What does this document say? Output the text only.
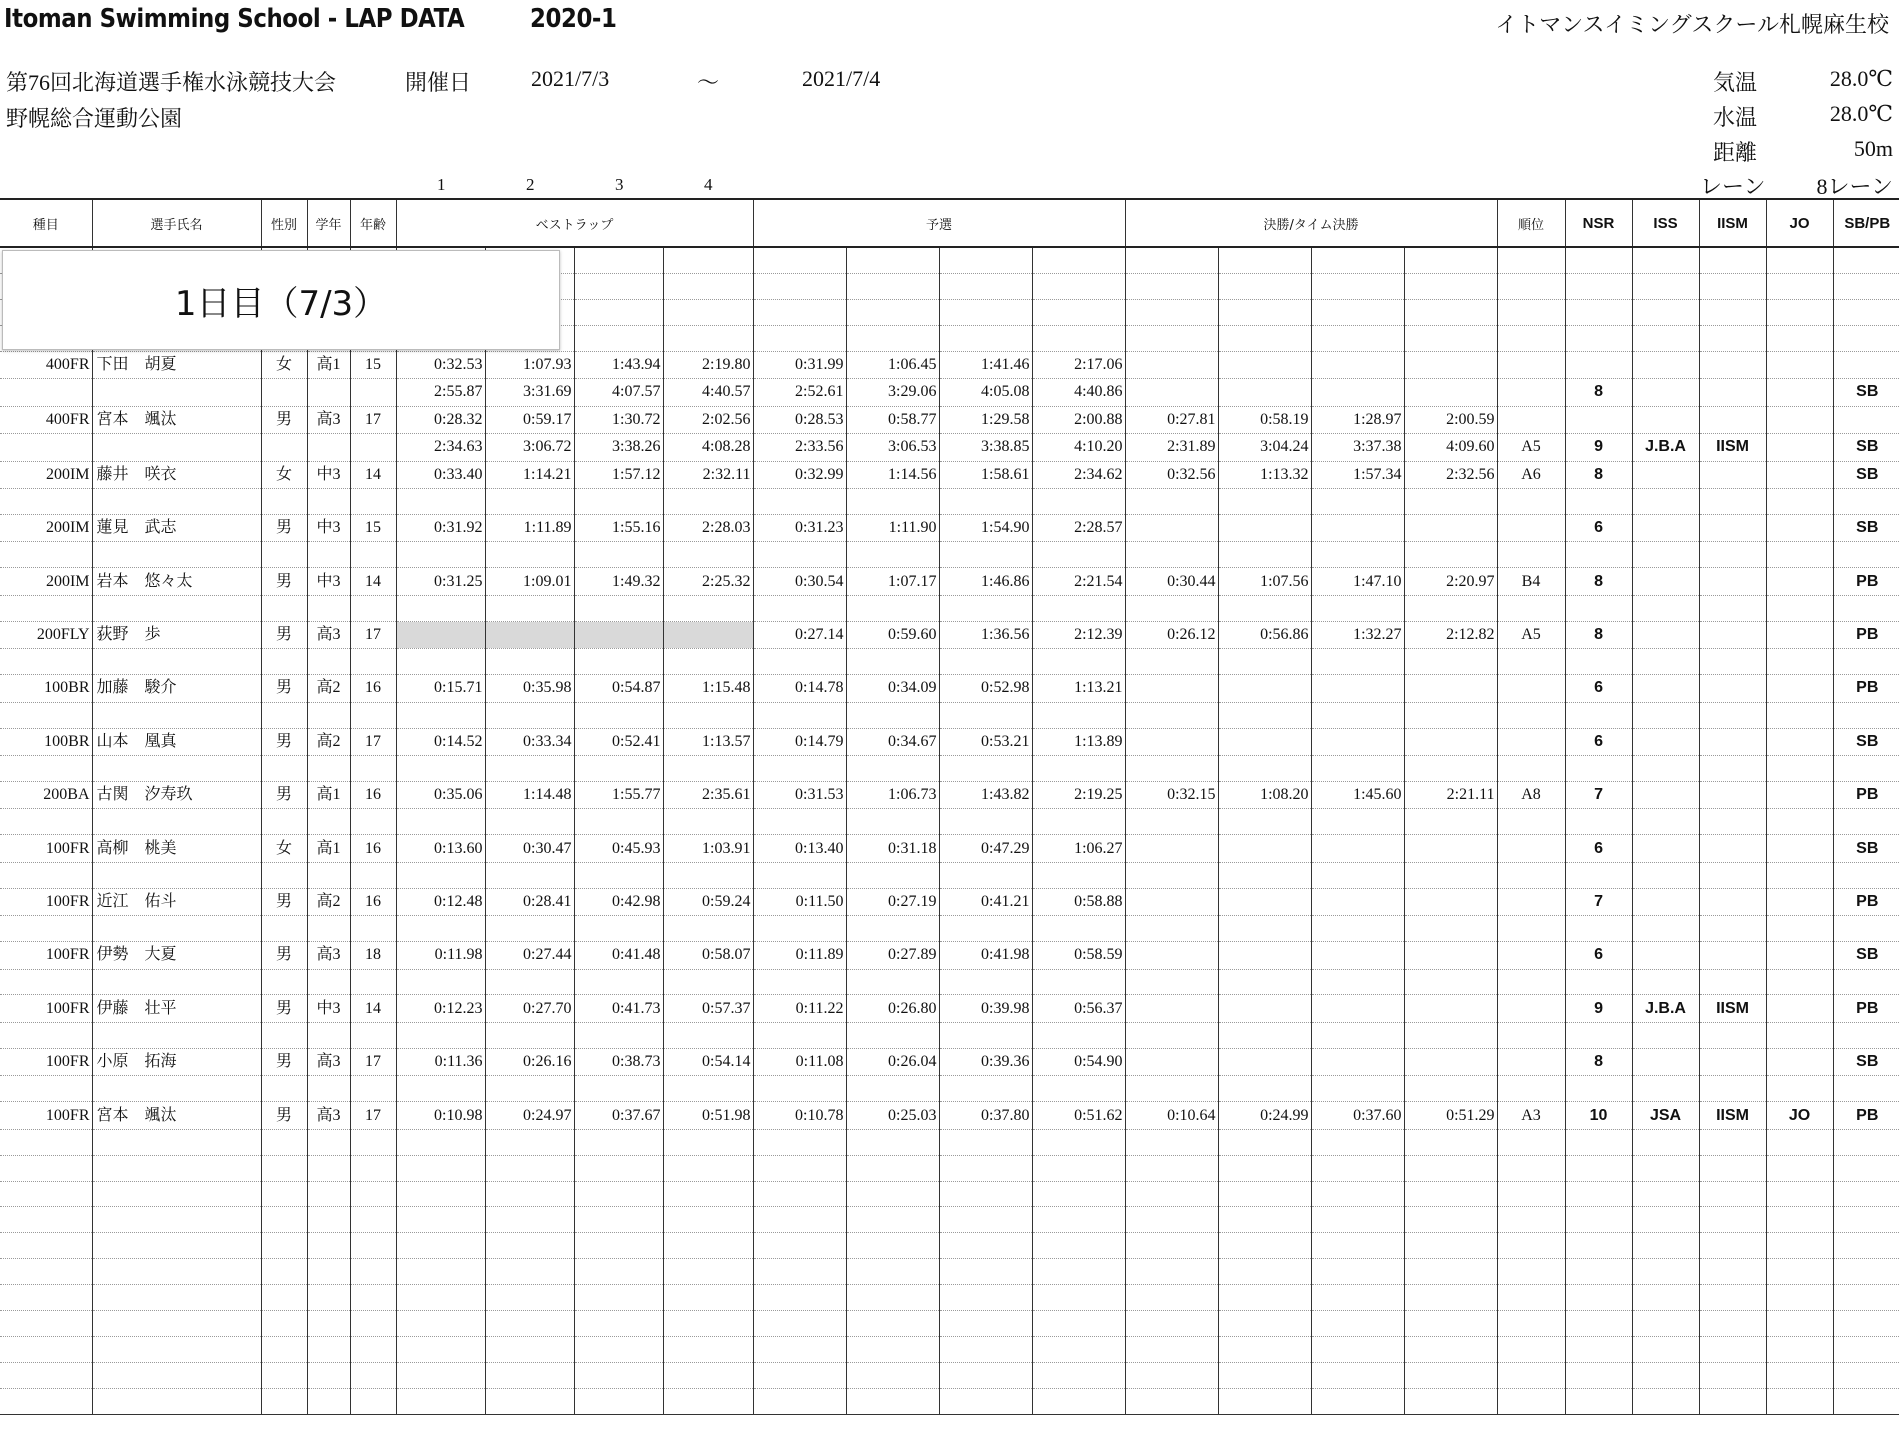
Itoman Swimming School - LAP DATA	2020-1	イトマンスイミングスクール札幌麻生校
第76回北海道選手権水泳競技大会	開催日	2021/7/3	～	2021/7/4
野幌総合運動公園
気温	28.0℃
水温	28.0℃
距離	50m
レーン 8レーン
1	2	3	4
種目	選手氏名	性別	学年	年齢	ベストラップ				予選				決勝/タイム決勝				順位	NSR	ISS	IISM	JO	SB/PB

400FR	下田　胡夏	女	高1	15	0:32.53	1:07.93	1:43.94	2:19.80	0:31.99	1:06.45	1:41.46	2:17.06										
					2:55.87	3:31.69	4:07.57	4:40.57	2:52.61	3:29.06	4:05.08	4:40.86						8				SB
400FR	宮本　颯汰	男	高3	17	0:28.32	0:59.17	1:30.72	2:02.56	0:28.53	0:58.77	1:29.58	2:00.88	0:27.81	0:58.19	1:28.97	2:00.59						
					2:34.63	3:06.72	3:38.26	4:08.28	2:33.56	3:06.53	3:38.85	4:10.20	2:31.89	3:04.24	3:37.38	4:09.60	A5	9	J.B.A	IISM		SB
200IM	藤井　咲衣	女	中3	14	0:33.40	1:14.21	1:57.12	2:32.11	0:32.99	1:14.56	1:58.61	2:34.62	0:32.56	1:13.32	1:57.34	2:32.56	A6	8				SB

200IM	蓮見　武志	男	中3	15	0:31.92	1:11.89	1:55.16	2:28.03	0:31.23	1:11.90	1:54.90	2:28.57						6				SB

200IM	岩本　悠々太	男	中3	14	0:31.25	1:09.01	1:49.32	2:25.32	0:30.54	1:07.17	1:46.86	2:21.54	0:30.44	1:07.56	1:47.10	2:20.97	B4	8				PB

200FLY	荻野　歩	男	高3	17					0:27.14	0:59.60	1:36.56	2:12.39	0:26.12	0:56.86	1:32.27	2:12.82	A5	8				PB

100BR	加藤　駿介	男	高2	16	0:15.71	0:35.98	0:54.87	1:15.48	0:14.78	0:34.09	0:52.98	1:13.21						6				PB

100BR	山本　凰真	男	高2	17	0:14.52	0:33.34	0:52.41	1:13.57	0:14.79	0:34.67	0:53.21	1:13.89						6				SB

200BA	古関　汐寿玖	男	高1	16	0:35.06	1:14.48	1:55.77	2:35.61	0:31.53	1:06.73	1:43.82	2:19.25	0:32.15	1:08.20	1:45.60	2:21.11	A8	7				PB

100FR	高柳　桃美	女	高1	16	0:13.60	0:30.47	0:45.93	1:03.91	0:13.40	0:31.18	0:47.29	1:06.27						6				SB

100FR	近江　佑斗	男	高2	16	0:12.48	0:28.41	0:42.98	0:59.24	0:11.50	0:27.19	0:41.21	0:58.88						7				PB

100FR	伊勢　大夏	男	高3	18	0:11.98	0:27.44	0:41.48	0:58.07	0:11.89	0:27.89	0:41.98	0:58.59						6				SB

100FR	伊藤　壮平	男	中3	14	0:12.23	0:27.70	0:41.73	0:57.37	0:11.22	0:26.80	0:39.98	0:56.37						9	J.B.A	IISM		PB

100FR	小原　拓海	男	高3	17	0:11.36	0:26.16	0:38.73	0:54.14	0:11.08	0:26.04	0:39.36	0:54.90						8				SB

100FR	宮本　颯汰	男	高3	17	0:10.98	0:24.97	0:37.67	0:51.98	0:10.78	0:25.03	0:37.80	0:51.62	0:10.64	0:24.99	0:37.60	0:51.29	A3	10	JSA	IISM	JO	PB

1日目（7/3）
